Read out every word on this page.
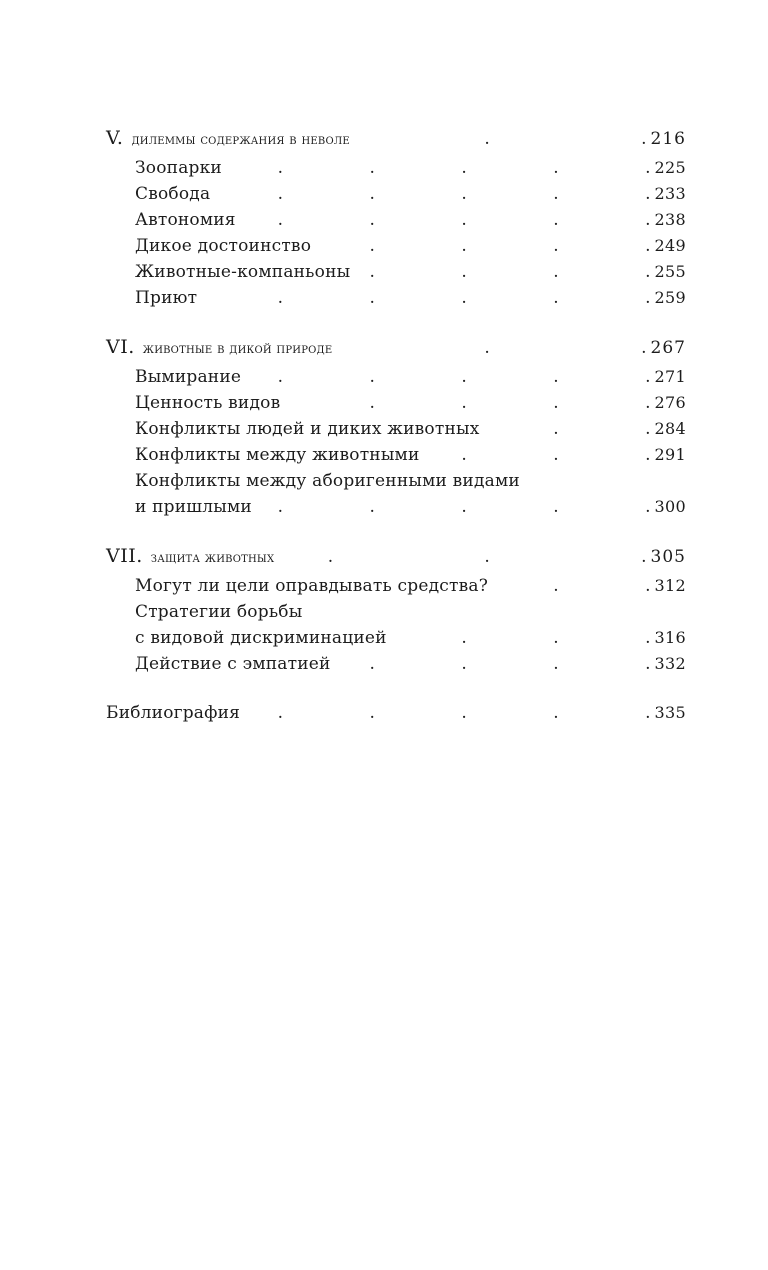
V. дилеммы содержания в неволе .	216
Зоопарки .	225
Свобода .	233
Автономия .	238
Дикое достоинство .	249
Животные-компаньоны .	255
Приют .	259
VI. животные в дикой природе .	267
Вымирание .	271
Ценность видов .	276
Конфликты людей и диких животных .	284
Конфликты между животными .	291
Конфликты между аборигенными видами
и пришлыми .	300
VII. защита животных .	305
Могут ли цели оправдывать средства? .	312
Стратегии борьбы
с видовой дискриминацией .	316
Действие с эмпатией .	332
Библиография .	335
